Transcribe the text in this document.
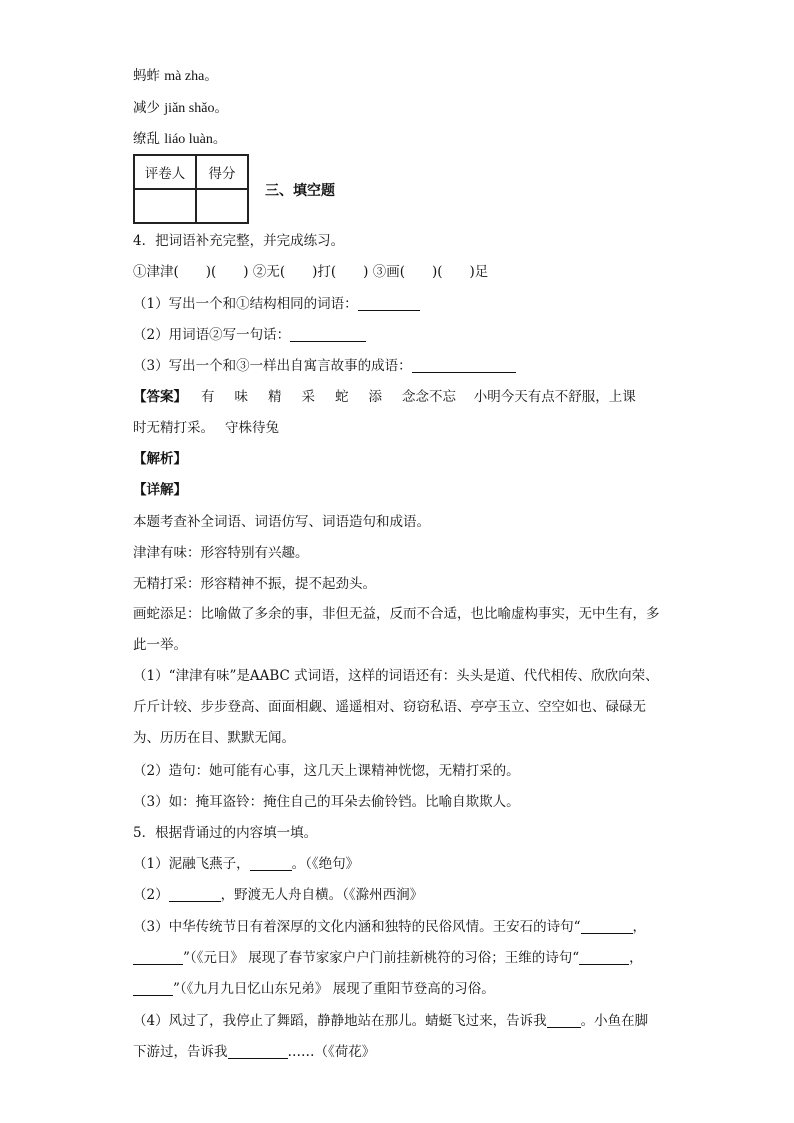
蚂蚱 mà zha。
减少 jiǎn shǎo。
缭乱 liáo luàn。
评卷人	得分

三、填空题
4．把词语补充完整，并完成练习。
①津津(　　)(　　) ②无(　　)打(　　) ③画(　　)(　　)足
（1）写出一个和①结构相同的词语：
（2）用词语②写一句话：
（3）写出一个和③一样出自寓言故事的成语：
【答案】 有 味 精 采 蛇 添 念念不忘　 小明今天有点不舒服，上课
时无精打采。　 守株待兔
【解析】
【详解】
本题考查补全词语、词语仿写、词语造句和成语。
津津有味：形容特别有兴趣。
无精打采：形容精神不振，提不起劲头。
画蛇添足：比喻做了多余的事，非但无益，反而不合适，也比喻虚构事实，无中生有，多此一举。
（1）“津津有味”是AABC 式词语，这样的词语还有：头头是道、代代相传、欣欣向荣、斤斤计较、步步登高、面面相觑、遥遥相对、窃窃私语、亭亭玉立、空空如也、碌碌无为、历历在目、默默无闻。
（2）造句：她可能有心事，这几天上课精神恍惚，无精打采的。
（3）如：掩耳盗铃：掩住自己的耳朵去偷铃铛。比喻自欺欺人。
5．根据背诵过的内容填一填。
（1）泥融飞燕子，	。（《绝句》
（2）	，野渡无人舟自横。（《滁州西涧》
（3）中华传统节日有着深厚的文化内涵和独特的民俗风情。王安石的诗句“	，
”（《元日》 展现了春节家家户户门前挂新桃符的习俗；王维的诗句“	，
”（《九月九日忆山东兄弟》 展现了重阳节登高的习俗。
（4）风过了，我停止了舞蹈，静静地站在那儿。蜻蜓飞过来，告诉我	。小鱼在脚
下游过，告诉我	……（《荷花》
